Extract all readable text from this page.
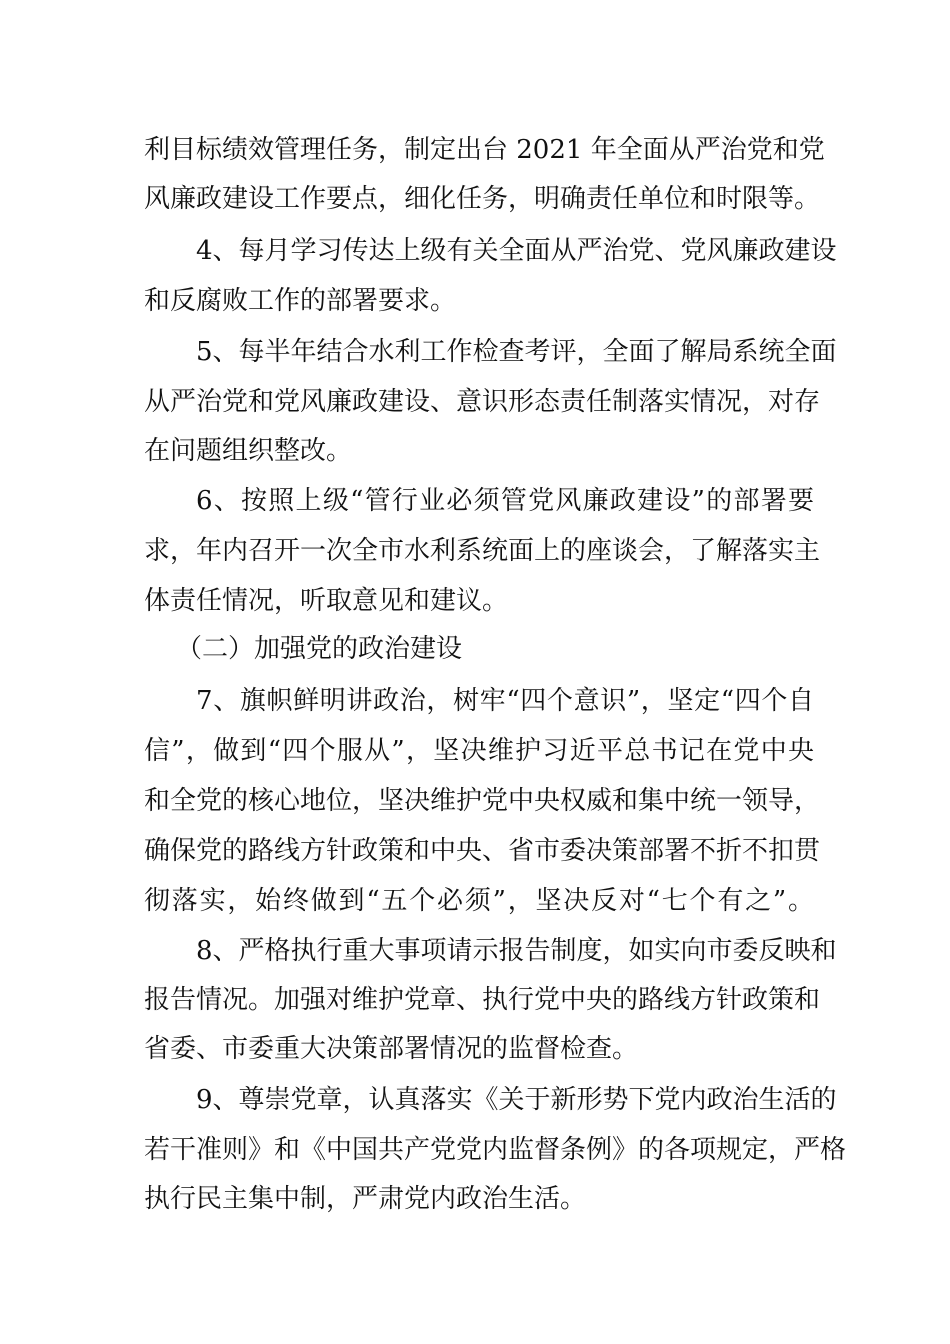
利目标绩效管理任务，制定出台 2021 年全面从严治党和党
风廉政建设工作要点，细化任务，明确责任单位和时限等。
4、每月学习传达上级有关全面从严治党、党风廉政建设
和反腐败工作的部署要求。
5、每半年结合水利工作检查考评，全面了解局系统全面
从严治党和党风廉政建设、意识形态责任制落实情况，对存
在问题组织整改。
6、按照上级“管行业必须管党风廉政建设”的部署要
求，年内召开一次全市水利系统面上的座谈会，了解落实主
体责任情况，听取意见和建议。
（二）加强党的政治建设
7、旗帜鲜明讲政治，树牢“四个意识”，坚定“四个自
信”，做到“四个服从”，坚决维护习近平总书记在党中央
和全党的核心地位，坚决维护党中央权威和集中统一领导，
确保党的路线方针政策和中央、省市委决策部署不折不扣贯
彻落实，始终做到“五个必须”，坚决反对“七个有之”。
8、严格执行重大事项请示报告制度，如实向市委反映和
报告情况。加强对维护党章、执行党中央的路线方针政策和
省委、市委重大决策部署情况的监督检查。
9、尊崇党章，认真落实《关于新形势下党内政治生活的
若干准则》和《中国共产党党内监督条例》的各项规定，严格
执行民主集中制，严肃党内政治生活。
